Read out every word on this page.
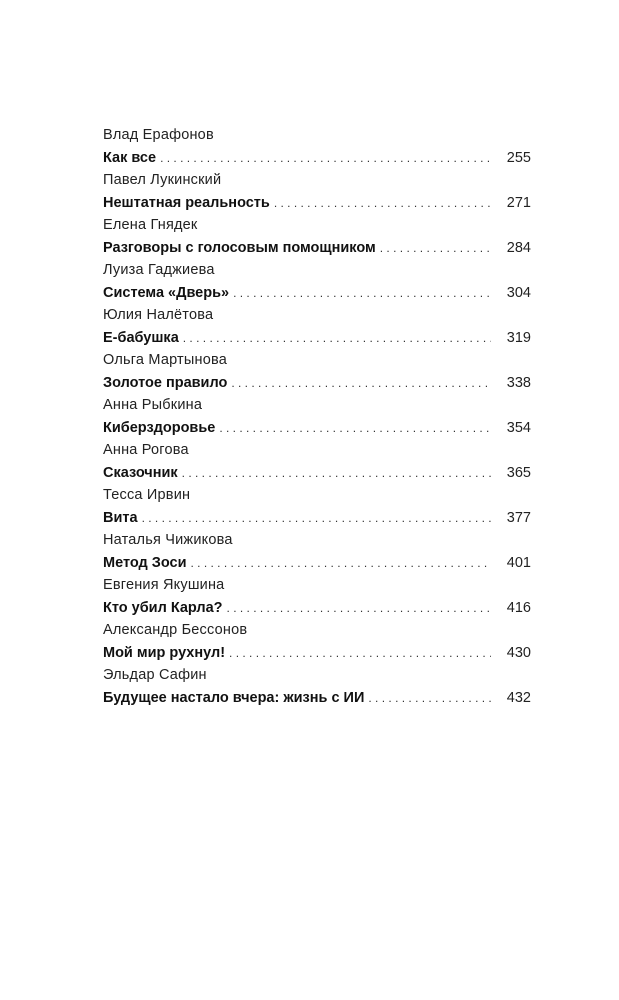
Влад Ерафонов
Как все . . .	255
Павел Лукинский
Нештатная реальность . . .	271
Елена Гнядек
Разговоры с голосовым помощником . . .	284
Луиза Гаджиева
Система «Дверь» . . .	304
Юлия Налётова
Е-бабушка . . .	319
Ольга Мартынова
Золотое правило . . .	338
Анна Рыбкина
Киберздоровье . . .	354
Анна Рогова
Сказочник . . .	365
Тесса Ирвин
Вита . . .	377
Наталья Чижикова
Метод Зоси . . .	401
Евгения Якушина
Кто убил Карла? . . .	416
Александр Бессонов
Мой мир рухнул! . . .	430
Эльдар Сафин
Будущее настало вчера: жизнь с ИИ . . .	432
